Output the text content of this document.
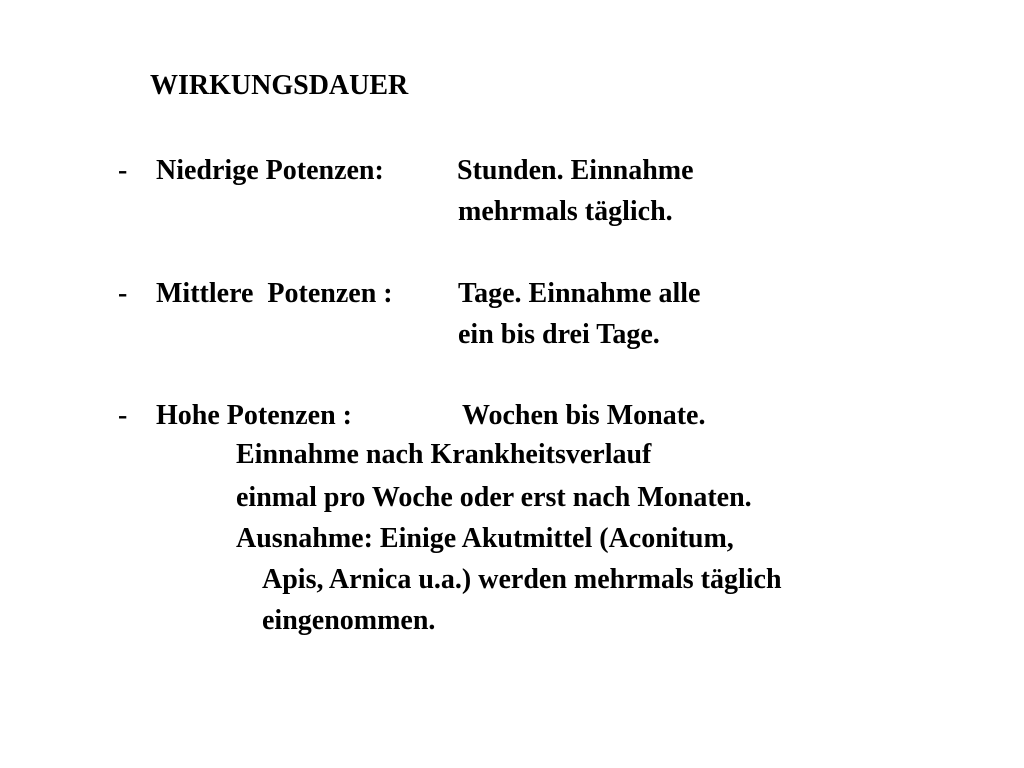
WIRKUNGSDAUER
- Niedrige Potenzen:	Stunden. Einnahme
mehrmals täglich.
- Mittlere  Potenzen : Tage. Einnahme alle
ein bis drei Tage.
- Hohe Potenzen :	Wochen bis Monate.
Einnahme nach Krankheitsverlauf
einmal pro Woche oder erst nach Monaten.
Ausnahme: Einige Akutmittel (Aconitum,
Apis, Arnica u.a.) werden mehrmals täglich
eingenommen.
